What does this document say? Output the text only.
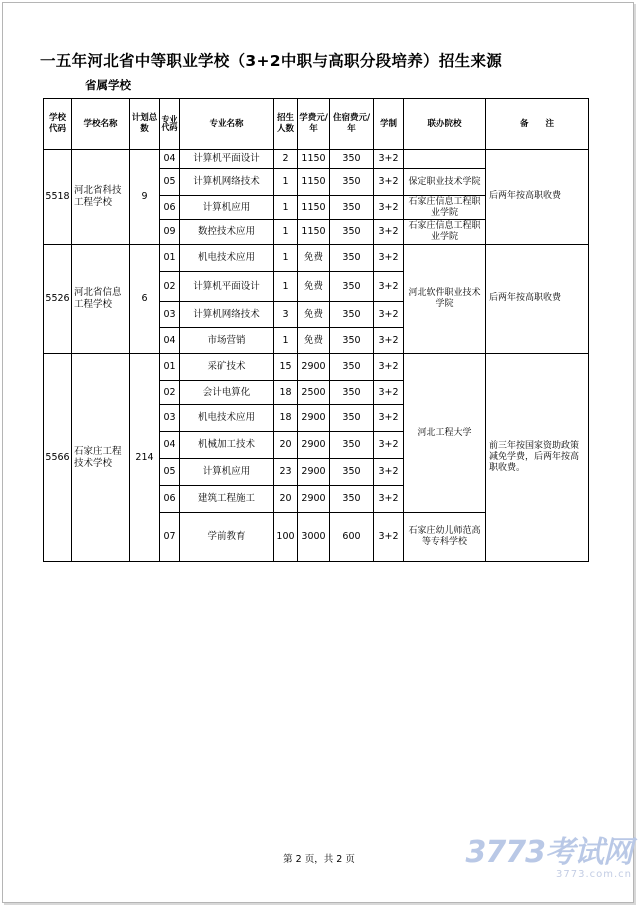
一五年河北省中等职业学校（3+2中职与高职分段培养）招生来源
省属学校
学校代码	学校名称	计划总数	专业代码	专业名称	招生人数	学费元/年	住宿费元/年	学制	联办院校	备　　注
5518	河北省科技工程学校	9	04	计算机平面设计	2	1150	350	3+2		后两年按高职收费
			05	计算机网络技术	1	1150	350	3+2	保定职业技术学院	
			06	计算机应用	1	1150	350	3+2	石家庄信息工程职业学院	
			09	数控技术应用	1	1150	350	3+2	石家庄信息工程职业学院	
5526	河北省信息工程学校	6	01	机电技术应用	1	免费	350	3+2	河北软件职业技术学院	后两年按高职收费
			02	计算机平面设计	1	免费	350	3+2		
			03	计算机网络技术	3	免费	350	3+2		
			04	市场营销	1	免费	350	3+2		
5566	石家庄工程技术学校	214	01	采矿技术	15	2900	350	3+2	河北工程大学	前三年按国家资助政策减免学费，后两年按高职收费。
			02	会计电算化	18	2500	350	3+2		
			03	机电技术应用	18	2900	350	3+2		
			04	机械加工技术	20	2900	350	3+2		
			05	计算机应用	23	2900	350	3+2		
			06	建筑工程施工	20	2900	350	3+2		
			07	学前教育	100	3000	600	3+2	石家庄幼儿师范高等专科学校	
第 2 页，共 2 页	3773考试网
3773.com.cn
